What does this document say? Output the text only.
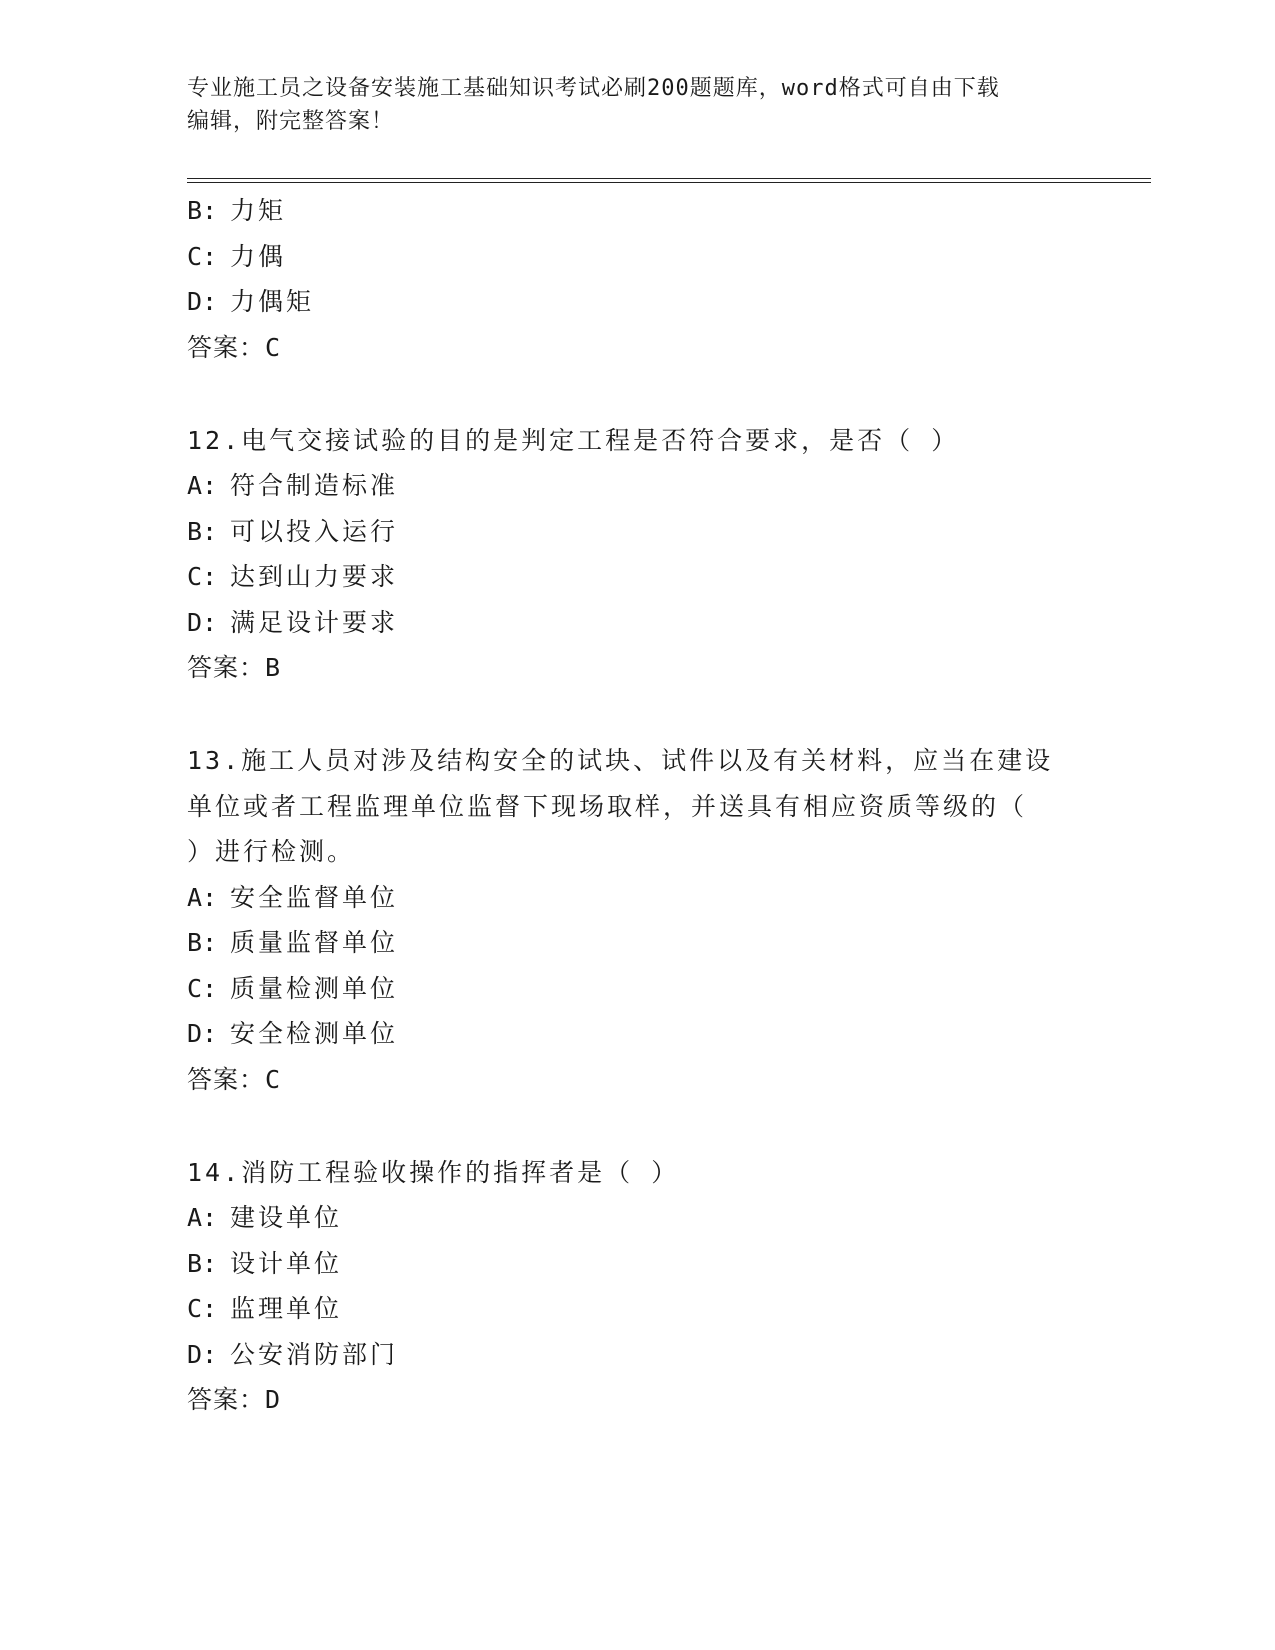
专业施工员之设备安装施工基础知识考试必刷200题题库，word格式可自由下载
编辑，附完整答案！
B: 力矩
C: 力偶
D: 力偶矩
答案：C
12.电气交接试验的目的是判定工程是否符合要求，是否（ ）
A: 符合制造标准
B: 可以投入运行
C: 达到山力要求
D: 满足设计要求
答案：B
13.施工人员对涉及结构安全的试块、试件以及有关材料，应当在建设
单位或者工程监理单位监督下现场取样，并送具有相应资质等级的（
）进行检测。
A: 安全监督单位
B: 质量监督单位
C: 质量检测单位
D: 安全检测单位
答案：C
14.消防工程验收操作的指挥者是（ ）
A: 建设单位
B: 设计单位
C: 监理单位
D: 公安消防部门
答案：D
